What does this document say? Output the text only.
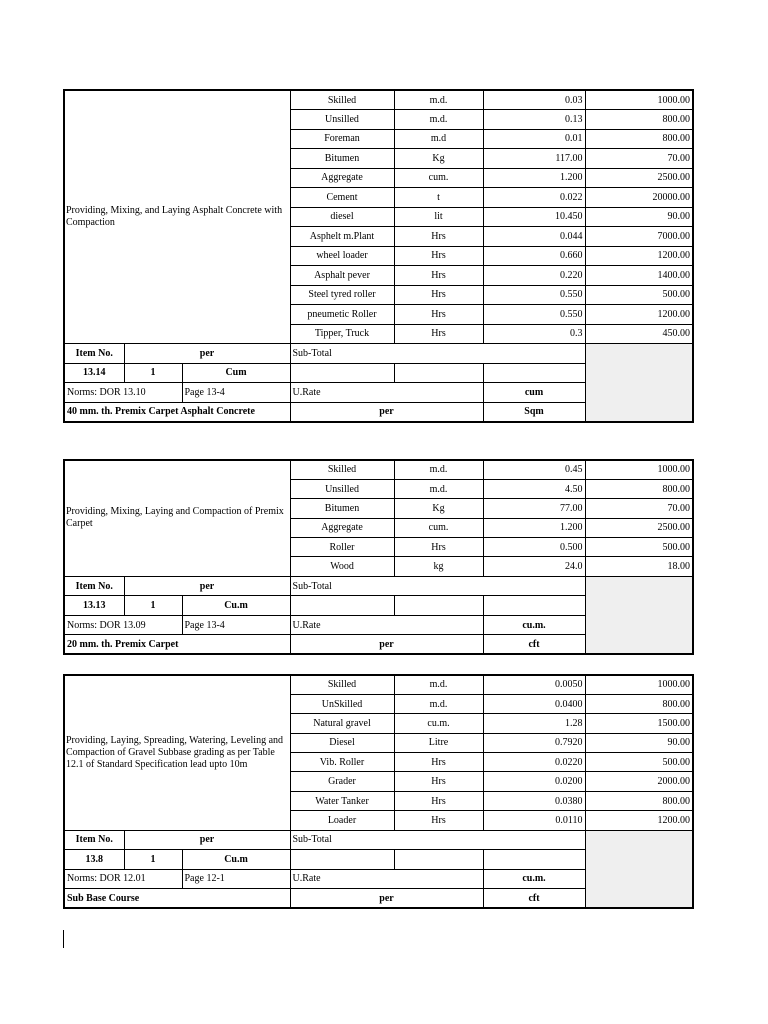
Providing, Mixing, and Laying Asphalt Concrete with Compaction			Skilled	m.d.	0.03	1000.00
			Unsilled	m.d.	0.13	800.00
			Foreman	m.d	0.01	800.00
			Bitumen	Kg	117.00	70.00
			Aggregate	cum.	1.200	2500.00
			Cement	t	0.022	20000.00
			diesel	lit	10.450	90.00
			Asphelt m.Plant	Hrs	0.044	7000.00
			wheel loader	Hrs	0.660	1200.00
			Asphalt pever	Hrs	0.220	1400.00
			Steel tyred roller	Hrs	0.550	500.00
			pneumetic Roller	Hrs	0.550	1200.00
			Tipper, Truck	Hrs	0.3	450.00
Item No.	per		Sub-Total			
13.14	1	Cum				
Norms: DOR 13.10		Page 13-4	U.Rate		cum	
40 mm. th. Premix Carpet Asphalt Concrete			per		Sqm	
Providing, Mixing, Laying and Compaction of Premix Carpet			Skilled	m.d.	0.45	1000.00
			Unsilled	m.d.	4.50	800.00
			Bitumen	Kg	77.00	70.00
			Aggregate	cum.	1.200	2500.00
			Roller	Hrs	0.500	500.00
			Wood	kg	24.0	18.00
Item No.	per		Sub-Total			
13.13	1	Cu.m				
Norms: DOR 13.09		Page 13-4	U.Rate		cu.m.	
20 mm. th. Premix Carpet			per		cft	
Providing, Laying, Spreading, Watering, Leveling and Compaction of Gravel Subbase grading as per Table 12.1 of Standard Specification lead upto 10m			Skilled	m.d.	0.0050	1000.00
			UnSkilled	m.d.	0.0400	800.00
			Natural gravel	cu.m.	1.28	1500.00
			Diesel	Litre	0.7920	90.00
			Vib. Roller	Hrs	0.0220	500.00
			Grader	Hrs	0.0200	2000.00
			Water Tanker	Hrs	0.0380	800.00
			Loader	Hrs	0.0110	1200.00
Item No.	per		Sub-Total			
13.8	1	Cu.m				
Norms: DOR 12.01		Page 12-1	U.Rate		cu.m.	
Sub Base Course			per		cft	
